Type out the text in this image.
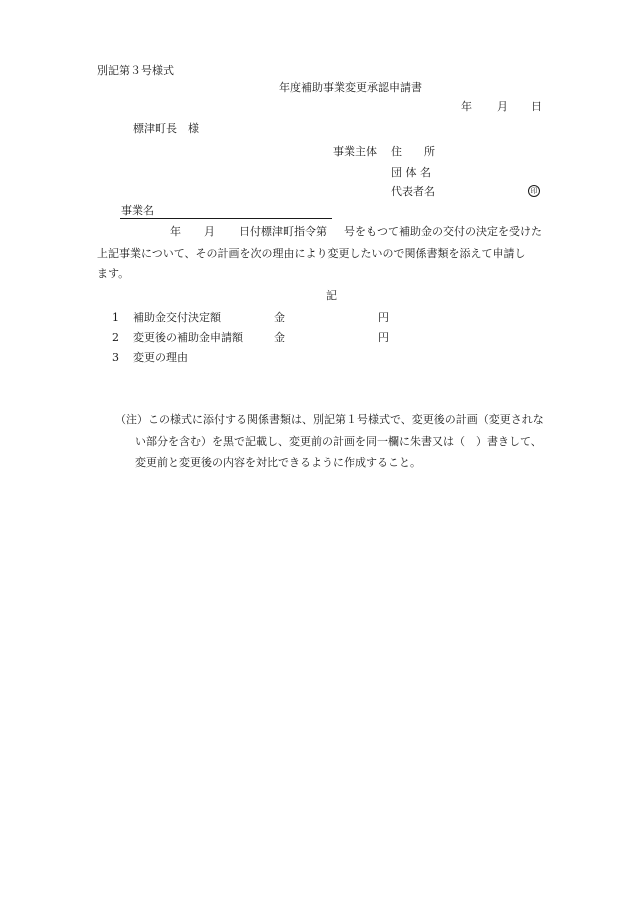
別記第３号様式
年度補助事業変更承認申請書
年 月 日
標津町長　様
事業主体 住　　所
団 体 名
代表者名	印
事業名
年 月 日付標津町指令第 号をもつて補助金の交付の決定を受けた
上記事業について、その計画を次の理由により変更したいので関係書類を添えて申請し
ます。
記
1 補助金交付決定額	金	円
2 変更後の補助金申請額	金	円
3 変更の理由
（注）この様式に添付する関係書類は、別記第１号様式で、変更後の計画（変更されな
い部分を含む）を黒で記載し、変更前の計画を同一欄に朱書又は（　）書きして、
変更前と変更後の内容を対比できるように作成すること。
